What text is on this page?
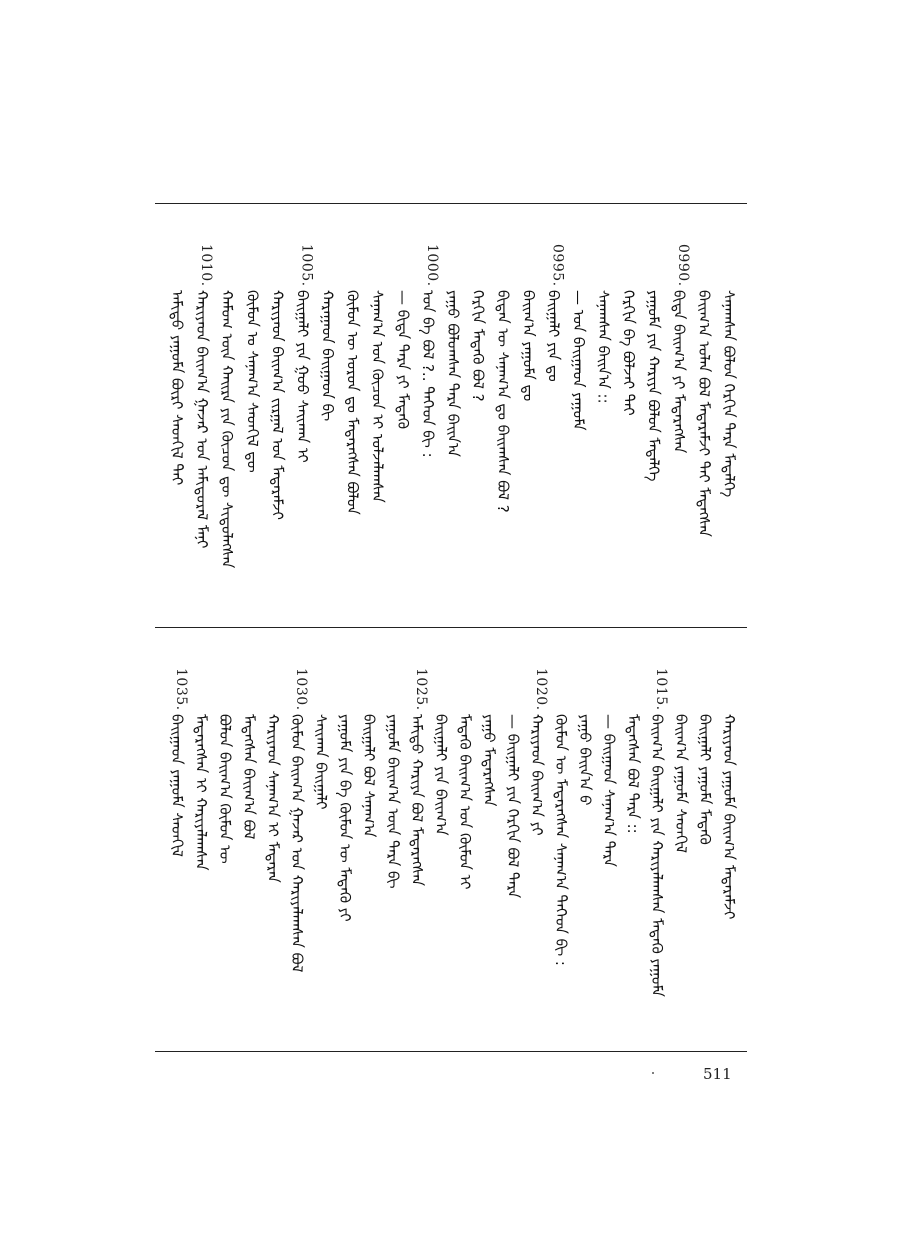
ᠠᠮᠢᠳᠤ ᠶᠠᠭᠤᠮᠠ ᠪᠦᠷᠢ ᠰᠡᠳᠬᠢᠯ ᠲᠡᠢ
1010.
ᠬᠠᠷᠢᠶᠠᠳ ᠪᠠᠢᠭ᠎ᠠ ᠭᠠᠵᠠᠷ ᠤᠨ ᠠᠮᠢᠳᠤᠷᠠᠯ ᠮᠠᠨᠢ ᠬᠠᠮᠤᠭ ᠦᠨ ᠬᠠᠢᠷᠠ ᠶᠢᠨ ᠬᠦᠴᠦᠨ ᠳᠦ ᠰᠢᠳᠦᠯᠡᠭᠰᠡᠨ ᠬᠦᠮᠦᠨ ᠤ ᠰᠠᠨᠠᠭ᠎ᠠ ᠰᠡᠳᠬᠢᠯ ᠳᠦ ᠬᠠᠷᠢᠶᠠᠳ ᠪᠠᠢᠭ᠎ᠠ ᠵᠢᠷᠭᠠᠯ ᠤᠨ ᠮᠡᠳᠡᠷᠡᠮᠵᠢ
1005.
ᠪᠠᠢᠭᠠᠯᠢ ᠶᠢᠨ ᠭᠣᠣ ᠰᠠᠢᠬᠠᠨ ᠢ ᠬᠠᠷᠠᠭᠠᠳ ᠪᠠᠢᠭᠠᠳ ᠪᠢ ᠬᠦᠮᠦᠨ ᠦ ᠤᠷᠤᠨ ᠳᠤ ᠮᠡᠳᠡᠷᠡᠭᠰᠡᠨ ᠪᠣᠯᠤᠨ ᠰᠠᠨᠠᠭ᠎ᠠ ᠤᠨ ᠬᠦᠴᠦᠨ ᠢ ᠣᠯᠵᠠᠯᠠᠭᠰᠠᠨ — ᠪᠢᠳᠡ ᠲᠡᠷᠡ ᠶᠢ ᠮᠡᠳᠡᠬᠦ
1000.
ᠤᠨ ᠪᠠ ᠪᠣᠯ ?.. ᠲᠡᠭᠡᠳ ᠪᠢ : ᠶᠠᠭᠤ ᠪᠤᠯᠤᠭᠰᠠᠨ ᠲᠡᠷᠡ ᠪᠠᠢᠨ᠎ᠠ ᠬᠡᠷᠬᠢᠨ ᠮᠡᠳᠡᠬᠦ ᠪᠣᠯ ? ᠪᠢᠳᠡᠨ ᠦ ᠰᠠᠨᠠᠭ᠎ᠠ ᠳᠤ ᠪᠠᠢᠭᠰᠠᠨ ᠪᠣᠯ ? ᠪᠠᠢᠭ᠎ᠠ ᠶᠠᠭᠤᠮᠠ ᠳᠤ
0995.
ᠪᠠᠢᠭᠠᠯᠢ ᠶᠢᠨ ᠳᠤ — ᠤᠨ ᠪᠠᠢᠭᠠᠳ ᠶᠠᠭᠤᠮᠠ ᠰᠠᠨᠠᠭᠰᠠᠨ ᠪᠠᠢᠨ᠎ᠠ :: ᠬᠡᠷᠬᠢᠨ ᠪᠠ ᠪᠣᠯᠵᠠᠢ ᠲᠡᠢ ᠶᠠᠭᠤᠮᠠ ᠶᠢᠨ ᠬᠠᠷᠢᠶᠠ ᠪᠣᠯᠤᠨ ᠮᠡᠳᠡᠯᠭᠡ
0990.
ᠪᠢᠳᠡ ᠪᠠᠢᠭ᠎ᠠ ᠶᠢ ᠮᠡᠳᠡᠷᠡᠭᠰᠡᠨ ᠪᠠᠢᠭ᠎ᠠ ᠣᠯᠠᠨ ᠪᠣᠯ ᠮᠡᠳᠡᠷᠡᠮᠵᠢ ᠲᠠᠢ ᠮᠡᠳᠡᠭᠰᠡᠨ ᠰᠠᠨᠠᠭᠰᠠᠨ ᠪᠣᠯᠤᠨ ᠬᠡᠷᠬᠢᠨ ᠲᠡᠷᠡ ᠮᠡᠳᠡᠯᠭᠡ
1035.
ᠪᠠᠢᠭᠠᠳ ᠶᠠᠭᠤᠮᠠ ᠰᠡᠳᠬᠢᠯ ᠮᠡᠳᠡᠷᠡᠭᠰᠡᠨ ᠢ ᠬᠠᠷᠢᠶᠠᠯᠠᠭᠰᠠᠨ ᠪᠣᠯᠤᠨ ᠪᠠᠢᠭ᠎ᠠ ᠬᠦᠮᠦᠨ ᠦ ᠮᠡᠳᠡᠭᠰᠡᠨ ᠪᠠᠢᠭ᠎ᠠ ᠪᠣᠯ ᠬᠠᠷᠢᠶᠠᠳ ᠰᠠᠨᠠᠭ᠎ᠠ ᠢ ᠮᠡᠳᠡᠷᠡᠨ
1030.
ᠬᠦᠮᠦᠨ ᠪᠠᠢᠭ᠎ᠠ ᠭᠠᠵᠠᠷ ᠤᠨ ᠬᠠᠷᠢᠶᠠᠯᠠᠭᠰᠠᠨ ᠪᠣᠯ ᠰᠠᠢᠬᠠᠨ ᠪᠠᠢᠭᠠᠯᠢ ᠶᠠᠭᠤᠮᠠ ᠶᠢᠨ ᠪᠠ ᠬᠦᠮᠦᠨ ᠦ ᠮᠡᠳᠡᠬᠦ ᠶᠢ ᠪᠠᠢᠭᠠᠯᠢ ᠪᠣᠯ ᠰᠠᠨᠠᠭ᠎ᠠ ᠶᠠᠭᠤᠮᠠ ᠪᠠᠢᠭ᠎ᠠ ᠦᠨ ᠲᠡᠷᠡ ᠪᠢ
1025.
ᠠᠮᠢᠳᠤ ᠬᠠᠷᠢᠶᠠ ᠪᠣᠯ ᠮᠡᠳᠡᠷᠡᠭᠰᠡᠨ ᠪᠠᠢᠭᠠᠯᠢ ᠶᠢᠨ ᠪᠠᠢᠭ᠎ᠠ ᠮᠡᠳᠡᠬᠦ ᠪᠠᠢᠭ᠎ᠠ ᠤᠨ ᠬᠦᠮᠦᠨ ᠢ ᠶᠠᠭᠤ ᠮᠡᠳᠡᠷᠡᠭᠰᠡᠨ — ᠪᠠᠢᠭᠠᠯᠢ ᠶᠢᠨ ᠬᠡᠷᠬᠢᠨ ᠪᠣᠯ ᠲᠡᠷᠡ
1020.
ᠬᠠᠷᠢᠶᠠᠳ ᠪᠠᠢᠭ᠎ᠠ ᠶᠢ ᠬᠦᠮᠦᠨ ᠦ ᠮᠡᠳᠡᠷᠡᠭᠰᠡᠨ ᠰᠠᠨᠠᠭ᠎ᠠ ᠲᠡᠭᠡᠳ ᠪᠢ : ᠶᠠᠭᠤ ᠪᠠᠢᠨ᠎ᠠ ᠪ — ᠪᠠᠢᠭᠠᠳ ᠰᠠᠨᠠᠭ᠎ᠠ ᠲᠡᠷᠡ ᠮᠡᠳᠡᠭᠰᠡᠨ ᠪᠣᠯ ᠲᠡᠷᠡ ::
1015.
ᠪᠠᠢᠭ᠎ᠠ ᠪᠠᠢᠭᠠᠯᠢ ᠶᠢᠨ ᠬᠠᠷᠢᠶᠠᠯᠠᠭᠰᠠᠨ ᠮᠡᠳᠡᠬᠦ ᠶᠠᠭᠤᠮᠠ ᠪᠠᠢᠭ᠎ᠠ ᠶᠠᠭᠤᠮᠠ ᠰᠡᠳᠬᠢᠯ ᠪᠠᠢᠭᠠᠯᠢ ᠶᠠᠭᠤᠮᠠ ᠮᠡᠳᠡᠬᠦ ᠬᠠᠷᠢᠶᠠᠳ ᠶᠠᠭᠤᠮᠠ ᠪᠠᠢᠭ᠎ᠠ ᠮᠡᠳᠡᠷᠡᠮᠵᠢ
511
